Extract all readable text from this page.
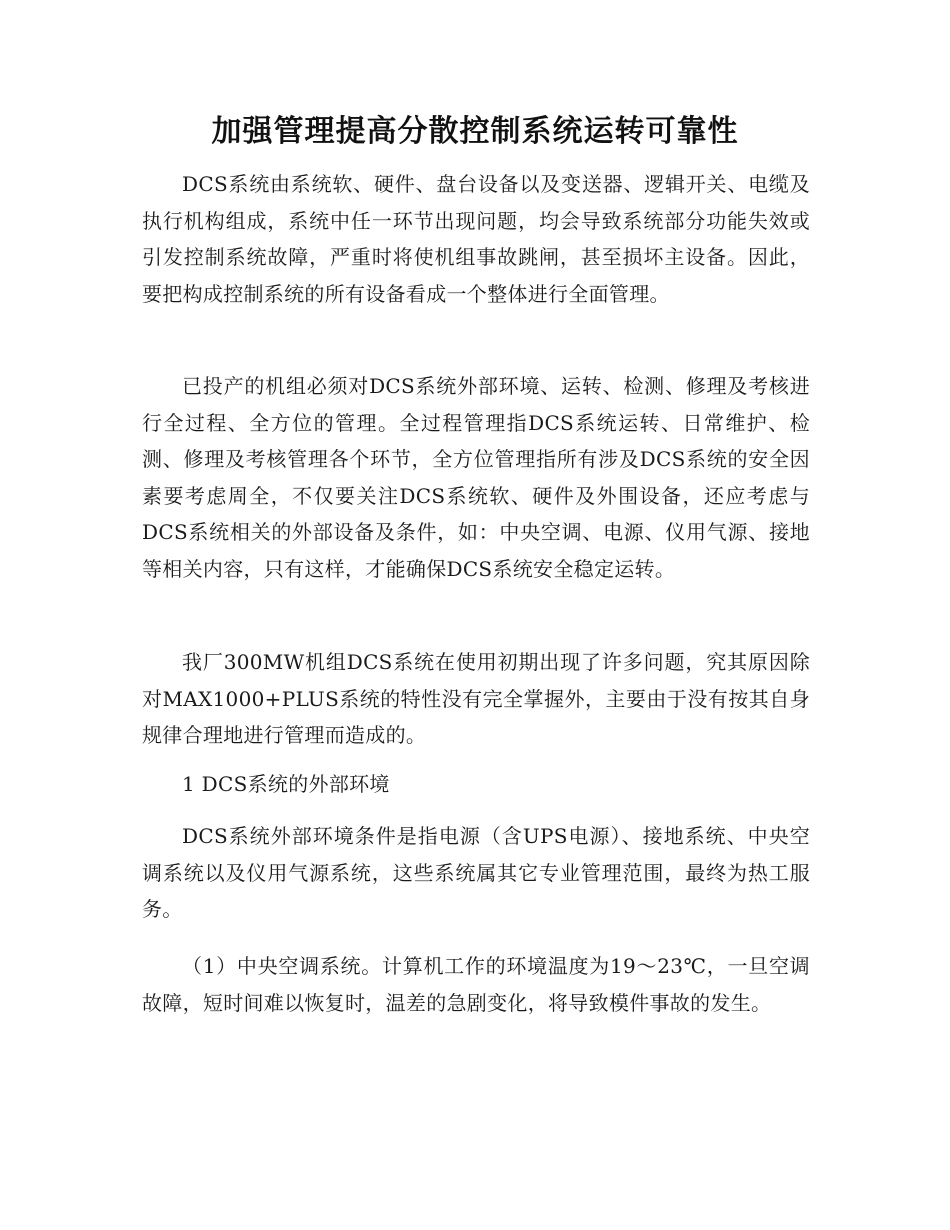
加强管理提高分散控制系统运转可靠性

DCS系统由系统软、硬件、盘台设备以及变送器、逻辑开关、电缆及执行机构组成，系统中任一环节出现问题，均会导致系统部分功能失效或引发控制系统故障，严重时将使机组事故跳闸，甚至损坏主设备。因此，要把构成控制系统的所有设备看成一个整体进行全面管理。

已投产的机组必须对DCS系统外部环境、运转、检测、修理及考核进行全过程、全方位的管理。全过程管理指DCS系统运转、日常维护、检测、修理及考核管理各个环节，全方位管理指所有涉及DCS系统的安全因素要考虑周全，不仅要关注DCS系统软、硬件及外围设备，还应考虑与DCS系统相关的外部设备及条件，如：中央空调、电源、仪用气源、接地等相关内容，只有这样，才能确保DCS系统安全稳定运转。

我厂300MW机组DCS系统在使用初期出现了许多问题，究其原因除对MAX1000+PLUS系统的特性没有完全掌握外，主要由于没有按其自身规律合理地进行管理而造成的。

1 DCS系统的外部环境

DCS系统外部环境条件是指电源（含UPS电源）、接地系统、中央空调系统以及仪用气源系统，这些系统属其它专业管理范围，最终为热工服务。

（1）中央空调系统。计算机工作的环境温度为19～23℃，一旦空调故障，短时间难以恢复时，温差的急剧变化，将导致模件事故的发生。
